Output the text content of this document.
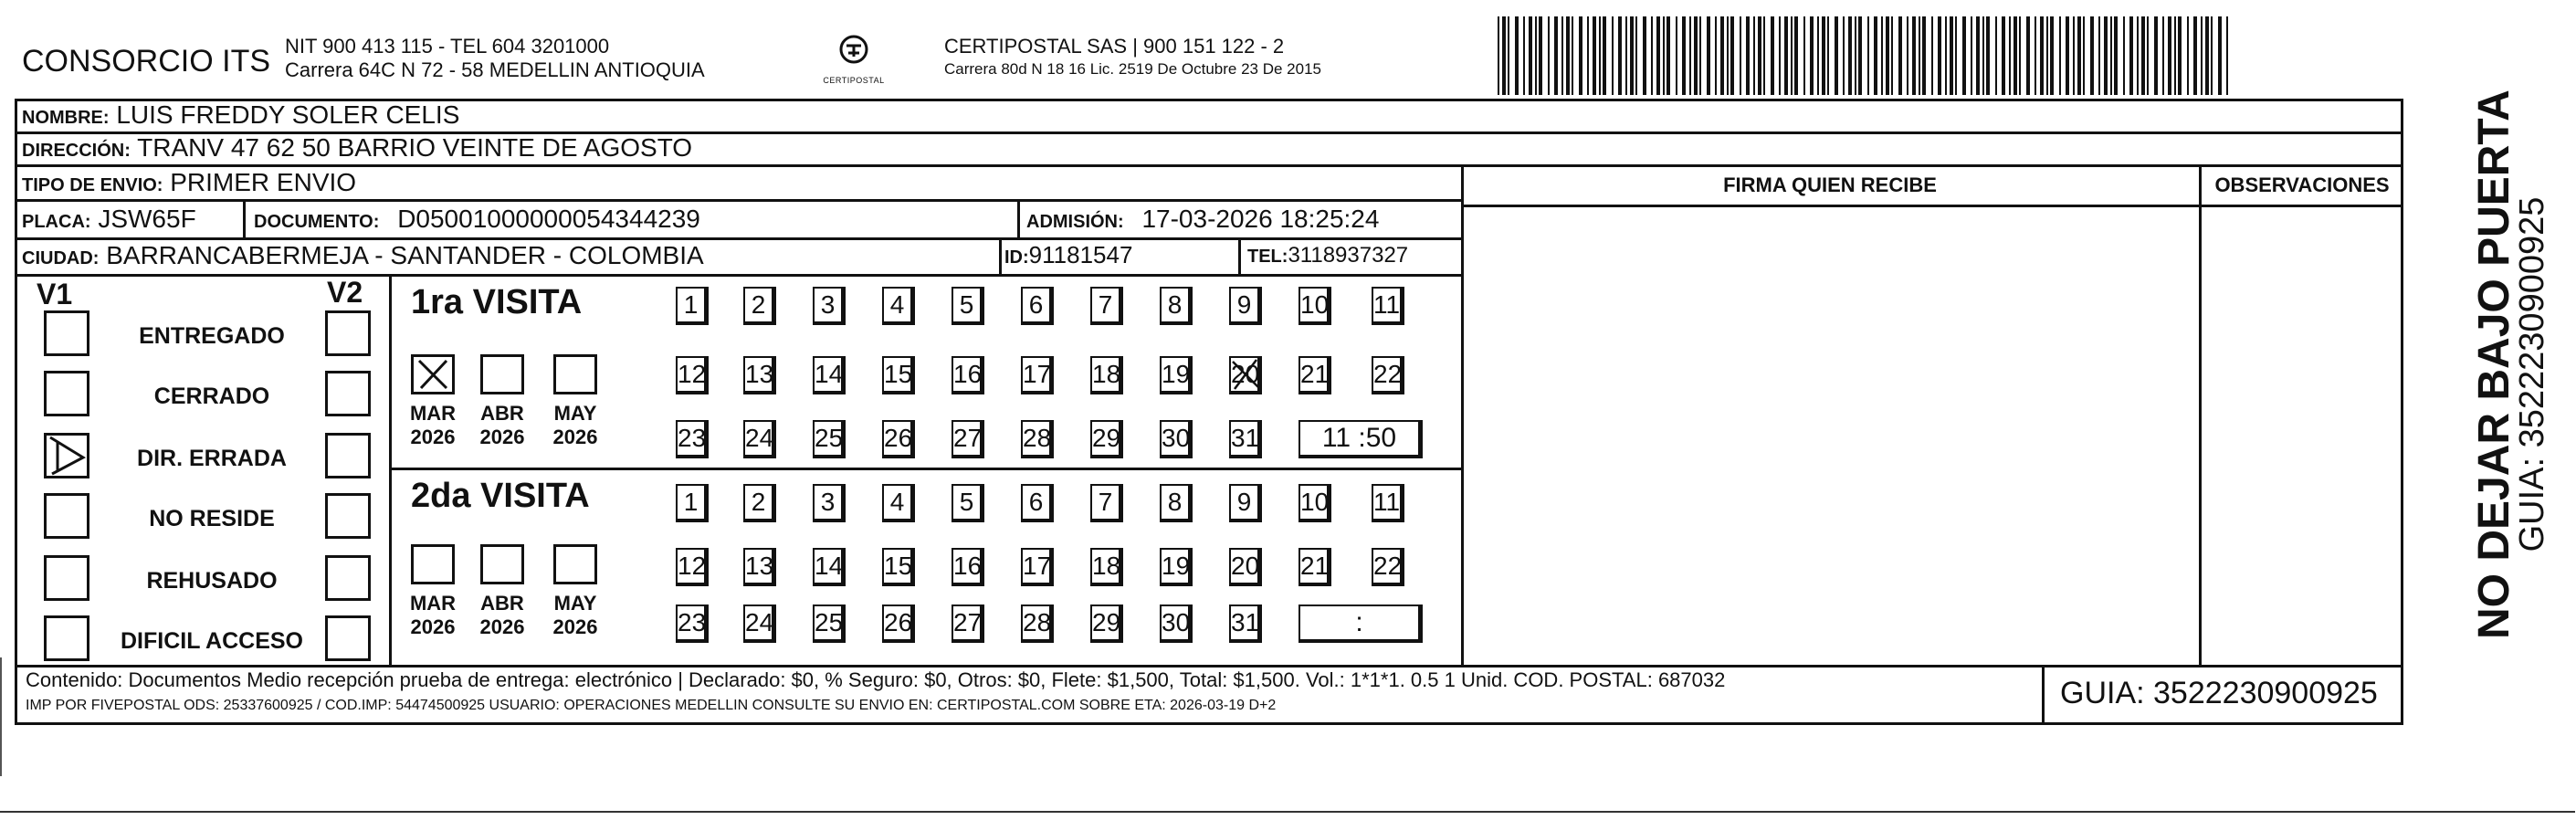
CONSORCIO ITS NIT 900 413 115 - TEL 604 3201000
Carrera 64C N 72 - 58 MEDELLIN ANTIOQUIA	CERTIPOSTAL
CERTIPOSTAL SAS | 900 151 122 - 2
Carrera 80d N 18 16 Lic. 2519 De Octubre 23 De 2015
NOMBRE: LUIS FREDDY SOLER CELIS
DIRECCIÓN: TRANV 47 62 50 BARRIO VEINTE DE AGOSTO
TIPO DE ENVIO: PRIMER ENVIO	FIRMA QUIEN RECIBE	OBSERVACIONES
PLACA: JSW65F	DOCUMENTO: D05001000000054344239	ADMISIÓN: 17-03-2026 18:25:24
CIUDAD: BARRANCABERMEJA - SANTANDER - COLOMBIA	ID:91181547	TEL:3118937327
V1	V2
ENTREGADO
CERRADO
DIR. ERRADA
NO RESIDE
REHUSADO
DIFICIL ACCESO
1ra VISITA
2da VISITA
MAR
2026
ABR
2026
MAY
2026
MAR
2026
ABR
2026
MAY
2026
1	2	3	4	5	6	7	8	9	10 11
12 13 14 15 16 17 18 19 20 21 22
23 24 25 26 27 28 29 30 31	11 :50
1	2	3	4	5	6	7	8	9	10 11
12 13 14 15 16 17 18 19 20 21 22
23 24 25 26 27 28 29 30 31	:
Contenido: Documentos Medio recepción prueba de entrega: electrónico | Declarado: $0, % Seguro: $0, Otros: $0, Flete: $1,500, Total: $1,500. Vol.: 1*1*1. 0.5 1 Unid. COD. POSTAL: 687032
IMP POR FIVEPOSTAL ODS: 25337600925 / COD.IMP: 54474500925 USUARIO: OPERACIONES MEDELLIN CONSULTE SU ENVIO EN: CERTIPOSTAL.COM SOBRE ETA: 2026-03-19 D+2	GUIA: 3522230900925
NO DEJAR BAJO PUERTA
GUIA: 3522230900925
